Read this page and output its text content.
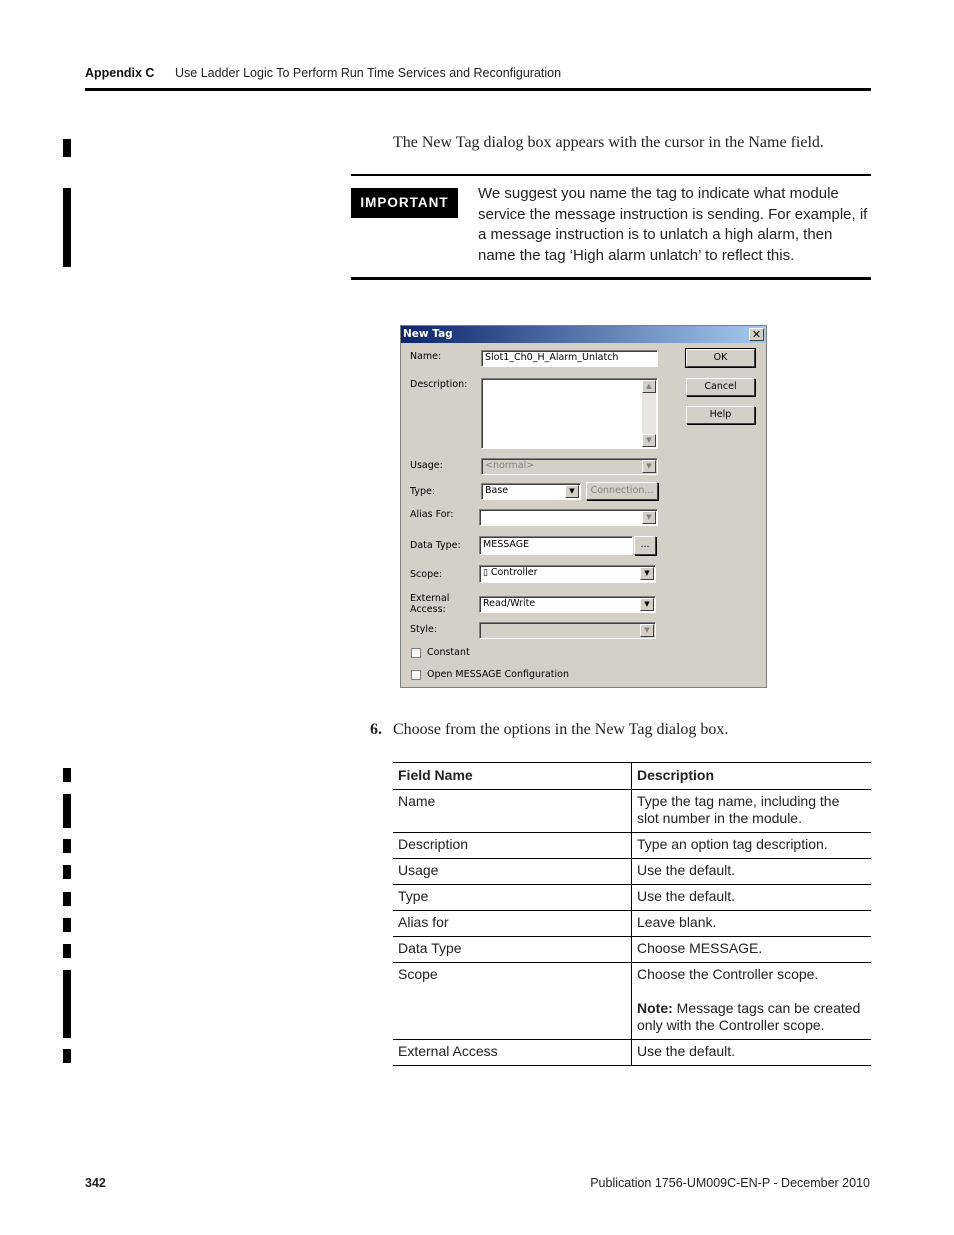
Appendix C Use Ladder Logic To Perform Run Time Services and Reconfiguration
The New Tag dialog box appears with the cursor in the Name field.
IMPORTANT
We suggest you name the tag to indicate what module service the message instruction is sending. For example, if a message instruction is to unlatch a high alarm, then name the tag ‘High alarm unlatch’ to reflect this.
New Tag	✕
Name:	Slot1_Ch0_H_Alarm_Unlatch
Description:	▲
▼
Usage:	<normal>	▼
Type:	Base	▼	Connection...
Alias For:	▼
Data Type:	MESSAGE	...
Scope:	▯ Controller	▼
External
Access:
Read/Write	▼
Style:	▼
Constant
Open MESSAGE Configuration
OK
Cancel
Help
6. Choose from the options in the New Tag dialog box.
Field Name	Description
Name	Type the tag name, including the slot number in the module.
Description	Type an option tag description.
Usage	Use the default.
Type	Use the default.
Alias for	Leave blank.
Data Type	Choose MESSAGE.
Scope	Choose the Controller scope.

Note: Message tags can be created only with the Controller scope.

External Access	Use the default.
342	Publication 1756-UM009C-EN-P - December 2010
